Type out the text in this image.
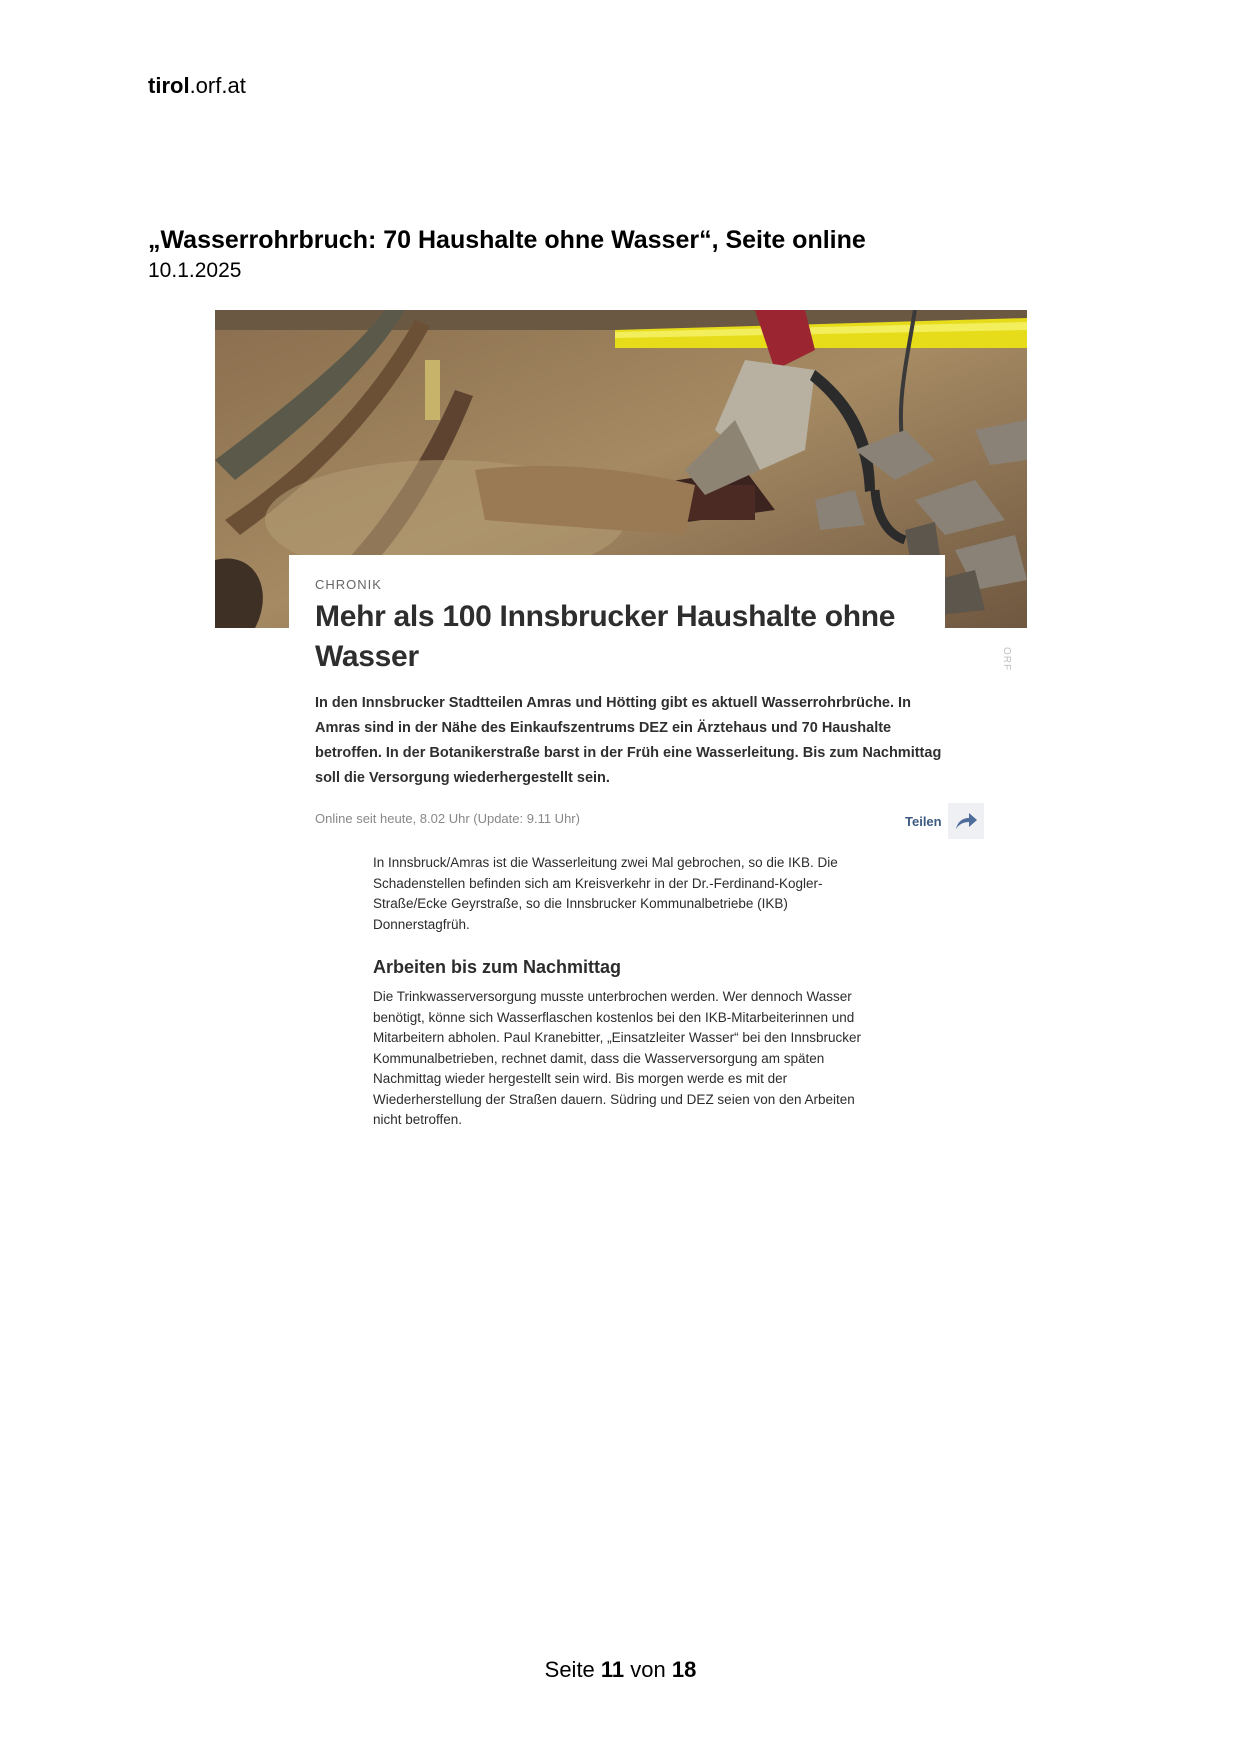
tirol.orf.at
„Wasserrohrbruch: 70 Haushalte ohne Wasser“, Seite online
10.1.2025
ORF
CHRONIK
Mehr als 100 Innsbrucker Haushalte ohne Wasser

In den Innsbrucker Stadtteilen Amras und Hötting gibt es aktuell Wasserrohrbrüche. In Amras sind in der Nähe des Einkaufszentrums DEZ ein Ärztehaus und 70 Haushalte betroffen. In der Botanikerstraße barst in der Früh eine Wasserleitung. Bis zum Nachmittag soll die Versorgung wiederhergestellt sein.

Online seit heute, 8.02 Uhr (Update: 9.11 Uhr)	Teilen

In Innsbruck/Amras ist die Wasserleitung zwei Mal gebrochen, so die IKB. Die Schadenstellen befinden sich am Kreisverkehr in der Dr.-Ferdinand-Kogler-Straße/Ecke Geyrstraße, so die Innsbrucker Kommunalbetriebe (IKB) Donnerstagfrüh.

Arbeiten bis zum Nachmittag

Die Trinkwasserversorgung musste unterbrochen werden. Wer dennoch Wasser benötigt, könne sich Wasserflaschen kostenlos bei den IKB-Mitarbeiterinnen und Mitarbeitern abholen. Paul Kranebitter, „Einsatzleiter Wasser“ bei den Innsbrucker Kommunalbetrieben, rechnet damit, dass die Wasserversorgung am späten Nachmittag wieder hergestellt sein wird. Bis morgen werde es mit der Wiederherstellung der Straßen dauern. Südring und DEZ seien von den Arbeiten nicht betroffen.

Seite 11 von 18
